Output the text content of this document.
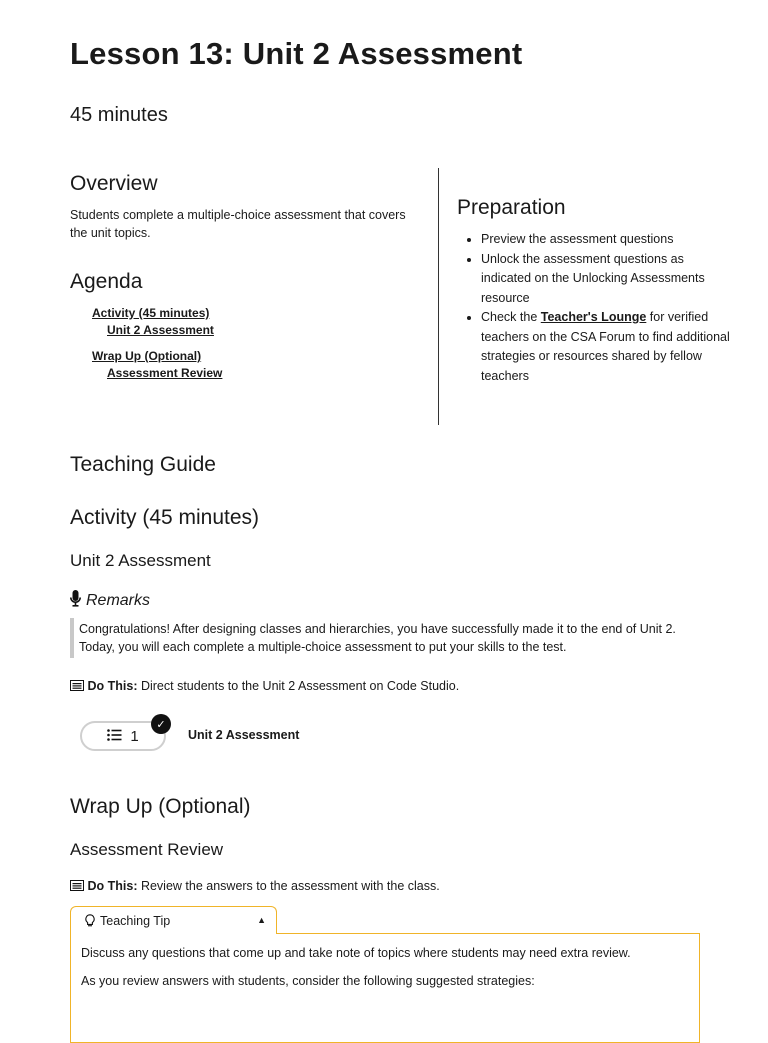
Lesson 13: Unit 2 Assessment
45 minutes
Overview
Students complete a multiple-choice assessment that covers the unit topics.
Agenda
Activity (45 minutes)
Unit 2 Assessment
Wrap Up (Optional)
Assessment Review
Preparation
• Preview the assessment questions
• Unlock the assessment questions as indicated on the Unlocking Assessments resource
• Check the Teacher's Lounge for verified teachers on the CSA Forum to find additional strategies or resources shared by fellow teachers
Teaching Guide
Activity (45 minutes)
Unit 2 Assessment
Remarks
Congratulations! After designing classes and hierarchies, you have successfully made it to the end of Unit 2. Today, you will each complete a multiple-choice assessment to put your skills to the test.
Do This: Direct students to the Unit 2 Assessment on Code Studio.
1
✓
Unit 2 Assessment
Wrap Up (Optional)
Assessment Review
Do This: Review the answers to the assessment with the class.
Teaching Tip	▲

Discuss any questions that come up and take note of topics where students may need extra review.

As you review answers with students, consider the following suggested strategies:
